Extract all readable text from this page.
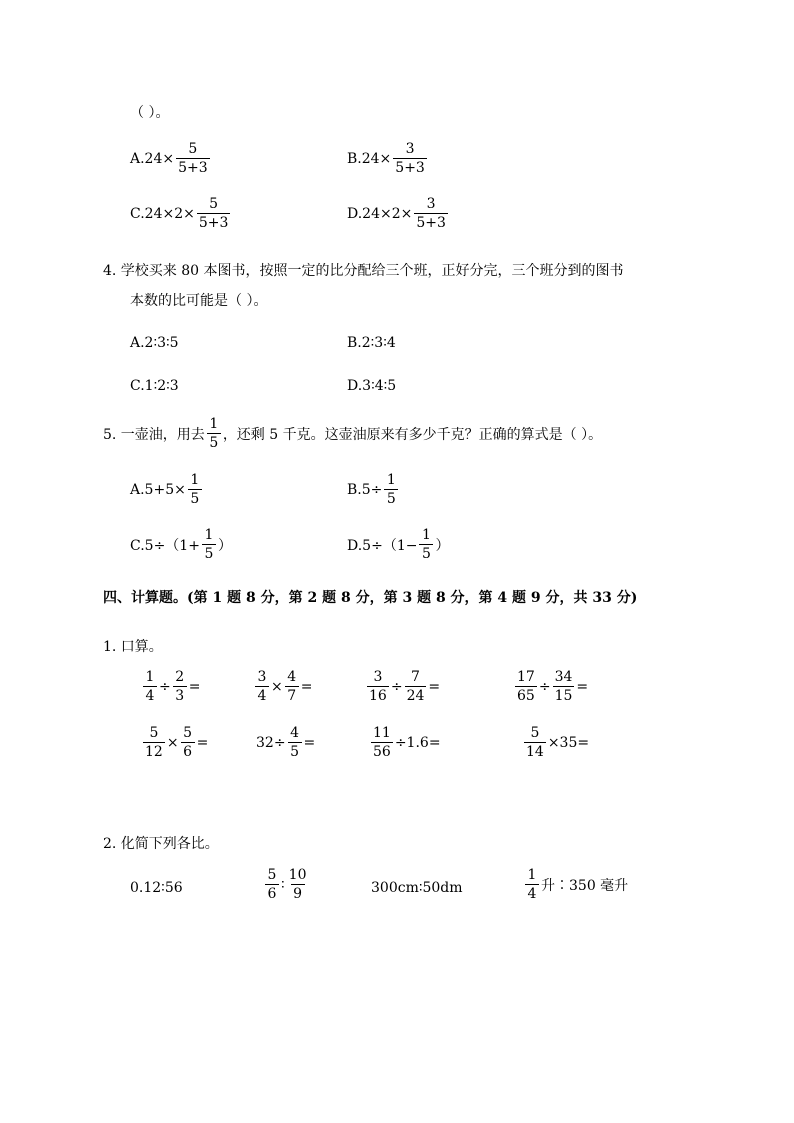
（ ）。
$A.24\times \frac{5}{5+3}$	$B.24\times \frac{3}{5+3}$
$C.24\times 2\times \frac{5}{5+3}$	$D.24\times 2\times \frac{3}{5+3}$
4. 学校买来 80 本图书，按照一定的比分配给三个班，正好分完，三个班分到的图书
本数的比可能是（ ）。
A.2∶3∶5	B.2∶3∶4
C.1∶2∶3	D.3∶4∶5
5. 一壶油，用去 $\frac{1}{5}$ ，还剩 5 千克。这壶油原来有多少千克？正确的算式是（ ）。
$A.5+5\times \frac{1}{5}$	$B.5\div \frac{1}{5}$
$C.5\div(1+ \frac{1}{5}$ ）	$D.5\div(1- \frac{1}{5}$ ）
四、计算题。(第 1 题 8 分，第 2 题 8 分，第 3 题 8 分，第 4 题 9 分，共 33 分)
1. 口算。
$\frac{1}{4} \div \frac{2}{3}$ =	$\frac{3}{4} \times \frac{4}{7}$ =	$\frac{3}{16} \div \frac{7}{24}$ =	$\frac{17}{65} \div \frac{34}{15}$ =
$\frac{5}{12} \times \frac{5}{6}$ =	$32\div \frac{4}{5}$ =	$\frac{11}{56} \div 1.6=$	$\frac{5}{14} \times 35=$
2. 化简下列各比。
0.12∶56	$\frac{5}{6}$ ∶ $\frac{10}{9}$	300cm∶50dm	$\frac{1}{4}$ 升∶350 毫升
